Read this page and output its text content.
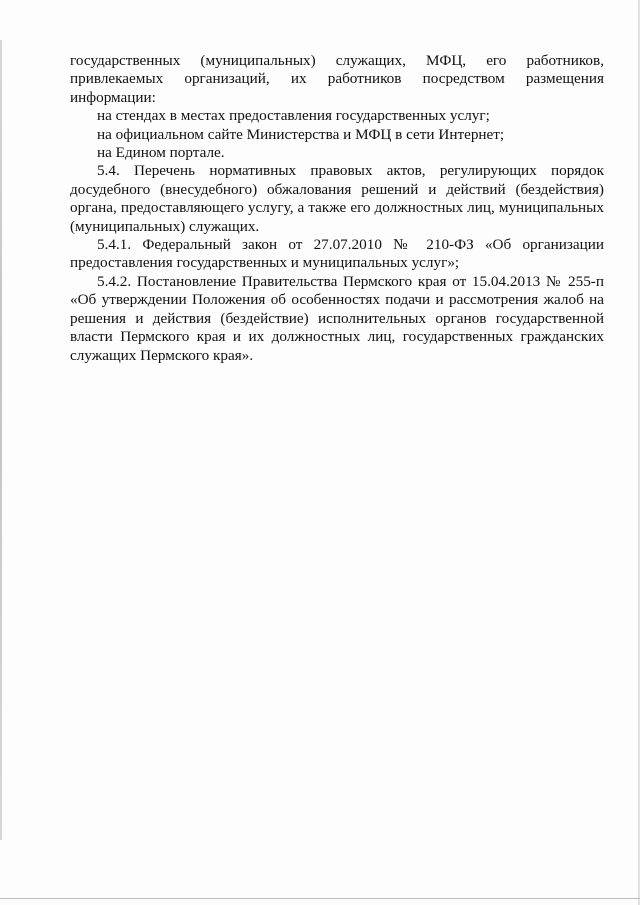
государственных (муниципальных) служащих, МФЦ, его работников, привлекаемых организаций, их работников посредством размещения информации:

на стендах в местах предоставления государственных услуг;

на официальном сайте Министерства и МФЦ в сети Интернет;

на Едином портале.

5.4. Перечень нормативных правовых актов, регулирующих порядок досудебного (внесудебного) обжалования решений и действий (бездействия) органа, предоставляющего услугу, а также его должностных лиц, муниципальных (муниципальных) служащих.

5.4.1. Федеральный закон от 27.07.2010 № 210-ФЗ «Об организации предоставления государственных и муниципальных услуг»;

5.4.2. Постановление Правительства Пермского края от 15.04.2013 № 255-п «Об утверждении Положения об особенностях подачи и рассмотрения жалоб на решения и действия (бездействие) исполнительных органов государственной власти Пермского края и их должностных лиц, государственных гражданских служащих Пермского края».
